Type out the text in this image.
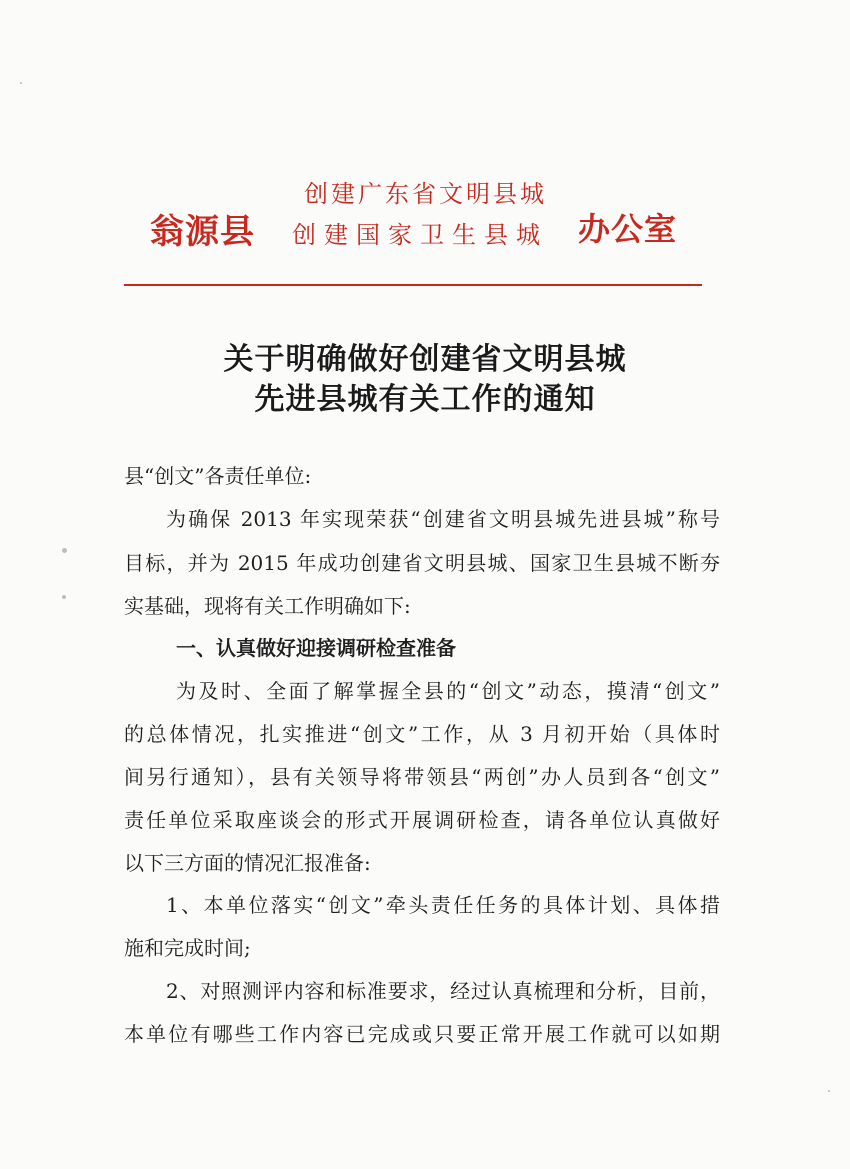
翁源县
创建广东省文明县城
创建国家卫生县城 办公室
关于明确做好创建省文明县城
先进县城有关工作的通知
县“创文”各责任单位:
为确保 2013 年实现荣获“创建省文明县城先进县城”称号
目标，并为 2015 年成功创建省文明县城、国家卫生县城不断夯
实基础，现将有关工作明确如下:
一、认真做好迎接调研检查准备
为及时、全面了解掌握全县的“创文”动态，摸清“创文”
的总体情况，扎实推进“创文”工作，从 3 月初开始（具体时
间另行通知），县有关领导将带领县“两创”办人员到各“创文”
责任单位采取座谈会的形式开展调研检查，请各单位认真做好
以下三方面的情况汇报准备:
1、本单位落实“创文”牵头责任任务的具体计划、具体措
施和完成时间;
2、对照测评内容和标准要求，经过认真梳理和分析，目前，
本单位有哪些工作内容已完成或只要正常开展工作就可以如期
